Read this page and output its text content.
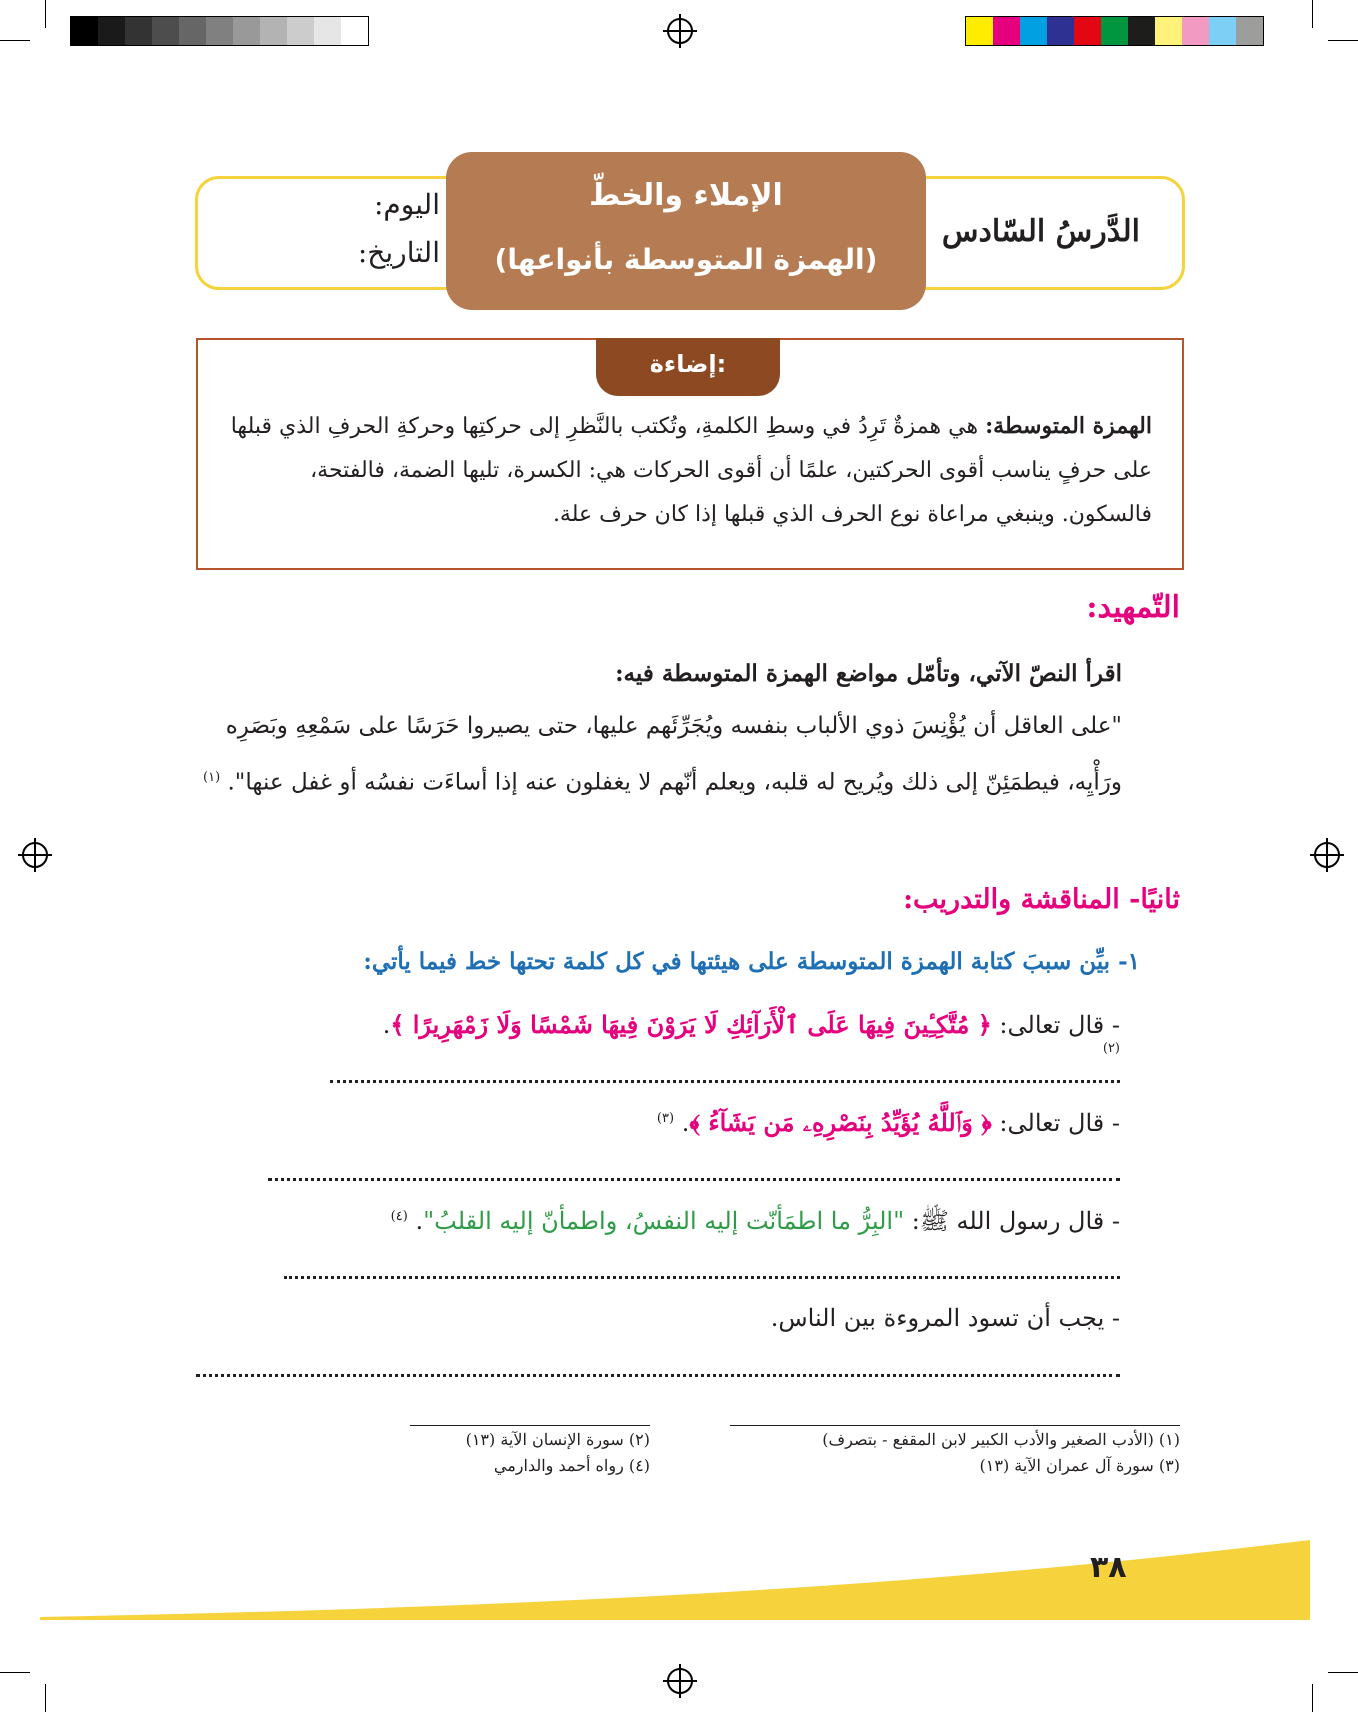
الإملاء والخطّ
(الهمزة المتوسطة بأنواعها)
الدَّرسُ السّادس
اليوم:
التاريخ:
إضاءة:
الهمزة المتوسطة: هي همزةٌ تَرِدُ في وسطِ الكلمةِ، وتُكتب بالنَّظرِ إلى حركتِها وحركةِ الحرفِ الذي قبلها على حرفٍ يناسب أقوى الحركتين، علمًا أن أقوى الحركات هي: الكسرة، تليها الضمة، فالفتحة، فالسكون. وينبغي مراعاة نوع الحرف الذي قبلها إذا كان حرف علة.
التّمهيد:
اقرأ النصّ الآتي، وتأمّل مواضع الهمزة المتوسطة فيه:
"على العاقل أن يُؤْنِسَ ذوي الألباب بنفسه ويُجَرِّئَهم عليها، حتى يصيروا حَرَسًا على سَمْعِهِ وبَصَرِه ورَأْيِه، فيطمَئِنّ إلى ذلك ويُريح له قلبه، ويعلم أنّهم لا يغفلون عنه إذا أساءَت نفسُه أو غفل عنها". $^{(١)}$
ثانيًا- المناقشة والتدريب:
١- بيِّن سببَ كتابة الهمزة المتوسطة على هيئتها في كل كلمة تحتها خط فيما يأتي:
- قال تعالى: ﴿ مُتَّكِـِٔينَ فِيهَا عَلَى ٱلْأَرَآئِكِ لَا يَرَوْنَ فِيهَا شَمْسًا وَلَا زَمْهَرِيرًا ﴾. $^{(٢)}$
- قال تعالى: ﴿ وَٱللَّهُ يُؤَيِّدُ بِنَصْرِهِۦ مَن يَشَآءُ ﴾. $^{(٣)}$
- قال رسول الله ﷺ: "البِرُّ ما اطمَأنّت إليه النفسُ، واطمأنّ إليه القلبُ". $^{(٤)}$
- يجب أن تسود المروءة بين الناس.
(١) (الأدب الصغير والأدب الكبير لابن المقفع - بتصرف)
(٣) سورة آل عمران الآية (١٣)
(٢) سورة الإنسان الآية (١٣)
(٤) رواه أحمد والدارمي
٣٨
